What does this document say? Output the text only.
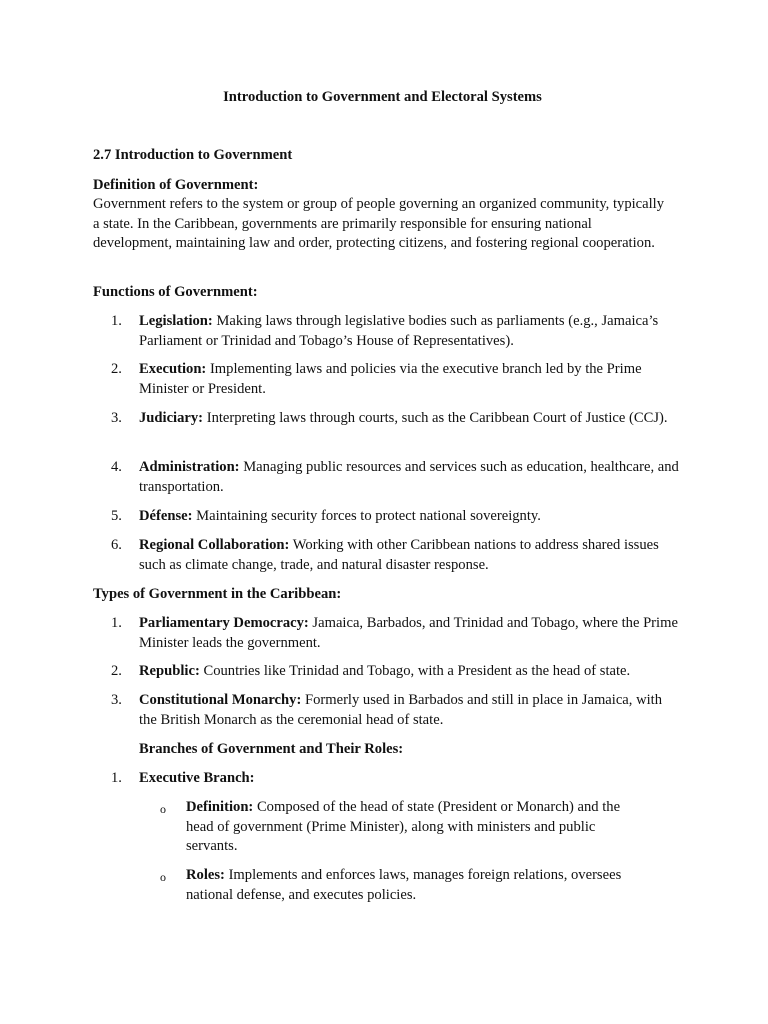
Introduction to Government and Electoral Systems
2.7 Introduction to Government
Definition of Government:

Government refers to the system or group of people governing an organized community, typically a state. In the Caribbean, governments are primarily responsible for ensuring national development, maintaining law and order, protecting citizens, and fostering regional cooperation.

Functions of Government:
1.	Legislation: Making laws through legislative bodies such as parliaments (e.g., Jamaica’s Parliament or Trinidad and Tobago’s House of Representatives).
2.	Execution: Implementing laws and policies via the executive branch led by the Prime Minister or President.
3.	Judiciary: Interpreting laws through courts, such as the Caribbean Court of Justice (CCJ).
4.	Administration: Managing public resources and services such as education, healthcare, and transportation.
5.	Défense: Maintaining security forces to protect national sovereignty.
6.	Regional Collaboration: Working with other Caribbean nations to address shared issues such as climate change, trade, and natural disaster response.
Types of Government in the Caribbean:
1.	Parliamentary Democracy: Jamaica, Barbados, and Trinidad and Tobago, where the Prime Minister leads the government.
2.	Republic: Countries like Trinidad and Tobago, with a President as the head of state.
3.	Constitutional Monarchy: Formerly used in Barbados and still in place in Jamaica, with the British Monarch as the ceremonial head of state.
Branches of Government and Their Roles:
1.	Executive Branch:
o Definition: Composed of the head of state (President or Monarch) and the head of government (Prime Minister), along with ministers and public servants.
o Roles: Implements and enforces laws, manages foreign relations, oversees national defense, and executes policies.
